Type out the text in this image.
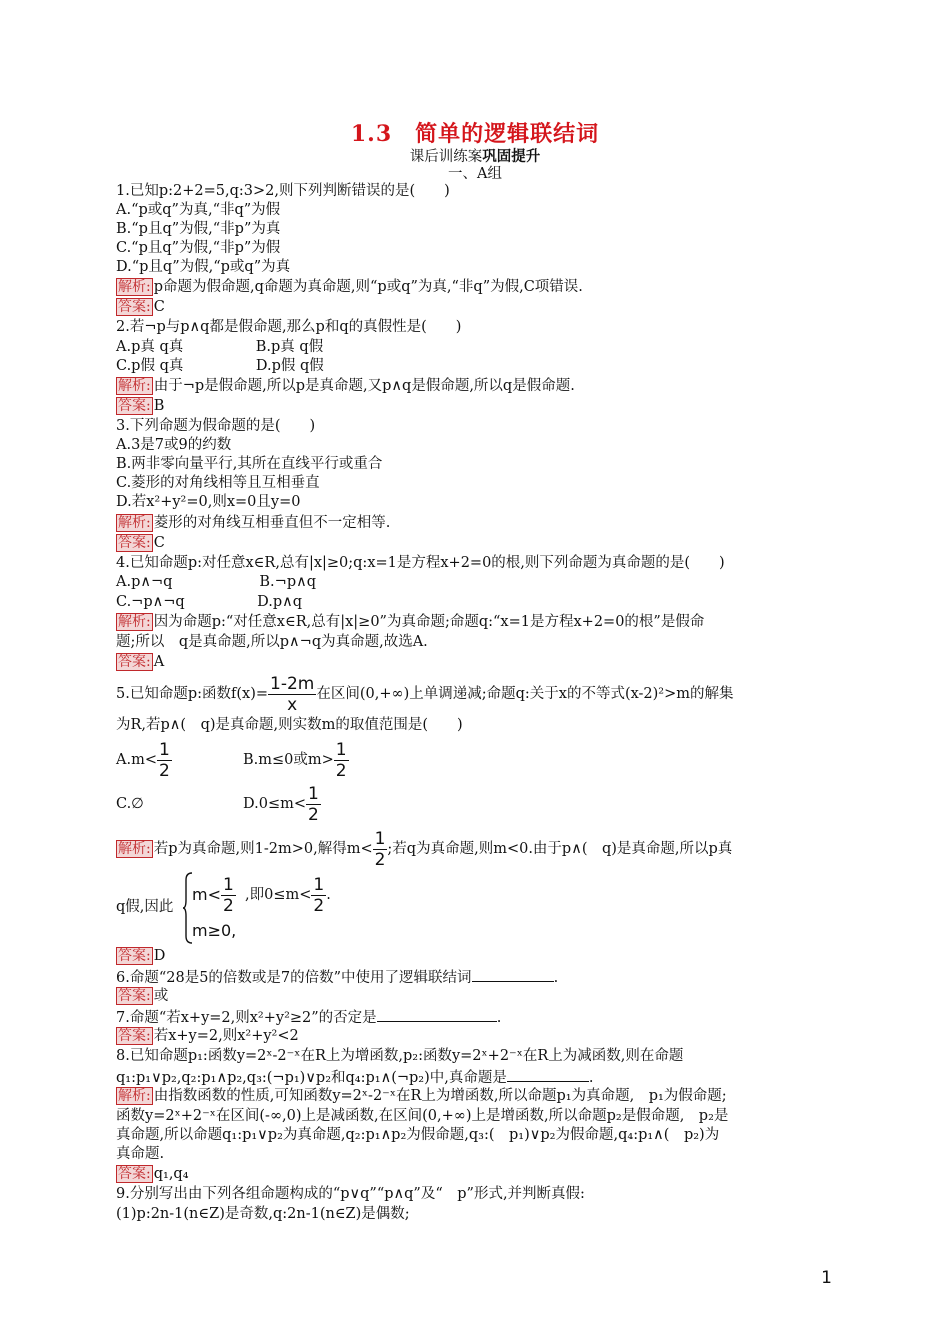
1.3　简单的逻辑联结词
课后训练案巩固提升
一、A组
1.已知p:2+2=5,q:3>2,则下列判断错误的是(　　)
A.“p或q”为真,“非q”为假
B.“p且q”为假,“非p”为真
C.“p且q”为假,“非p”为假
D.“p且q”为假,“p或q”为真
解析: p命题为假命题,q命题为真命题,则“p或q”为真,“非q”为假,C项错误.
答案: C
2.若¬p与p∧q都是假命题,那么p和q的真假性是(　　)
A.p真 q真　　　　　B.p真 q假
C.p假 q真　　　　　D.p假 q假
解析: 由于¬p是假命题,所以p是真命题,又p∧q是假命题,所以q是假命题.
答案: B
3.下列命题为假命题的是(　　)
A.3是7或9的约数
B.两非零向量平行,其所在直线平行或重合
C.菱形的对角线相等且互相垂直
D.若x²+y²=0,则x=0且y=0
解析: 菱形的对角线互相垂直但不一定相等.
答案: C
4.已知命题p:对任意x∈R,总有|x|≥0;q:x=1是方程x+2=0的根,则下列命题为真命题的是(　　)
A.p∧¬q　　　　　　B.¬p∧q
C.¬p∧¬q　　　　　D.p∧q
解析: 因为命题p:“对任意x∈R,总有|x|≥0”为真命题;命题q:“x=1是方程x+2=0的根”是假命
题;所以　q是真命题,所以p∧¬q为真命题,故选A.
答案: A
5.已知命题p:函数$f(x)= \frac{1-2m}{x}$ 在区间(0,+∞)上单调递减;命题q:关于x的不等式(x-2)²>m的解集
为R,若p∧(　q)是真命题,则实数m的取值范围是(　　)
$A.m< \frac{1}{2}$	B.m≤0或$m> \frac{1}{2}$
C.∅	$D.0\le m< \frac{1}{2}$
解析: 若p为真命题,则1-2m>0,解得$m< \frac{1}{2}$ ;若q为真命题,则m<0.由于p∧(　q)是真命题,所以p真
q假,因此
$m< \frac{1}{2}$ ,即$0\le m< \frac{1}{2}$ .
m≥0,
答案: D
6.命题“28是5的倍数或是7的倍数”中使用了逻辑联结词	.
答案: 或
7.命题“若x+y=2,则x²+y²≥2”的否定是	.
答案: 若x+y=2,则x²+y²<2
8.已知命题p₁:函数y=2ˣ-2⁻ˣ在R上为增函数,p₂:函数y=2ˣ+2⁻ˣ在R上为减函数,则在命题
q₁:p₁∨p₂,q₂:p₁∧p₂,q₃:(¬p₁)∨p₂和q₄:p₁∧(¬p₂)中,真命题是	.
解析: 由指数函数的性质,可知函数y=2ˣ-2⁻ˣ在R上为增函数,所以命题p₁为真命题,　p₁为假命题;
函数y=2ˣ+2⁻ˣ在区间(-∞,0)上是减函数,在区间(0,+∞)上是增函数,所以命题p₂是假命题,　p₂是
真命题,所以命题q₁:p₁∨p₂为真命题,q₂:p₁∧p₂为假命题,q₃:(　p₁)∨p₂为假命题,q₄:p₁∧(　p₂)为
真命题.
答案: q₁,q₄
9.分别写出由下列各组命题构成的“p∨q”“p∧q”及“　p”形式,并判断真假:
(1)p:2n-1(n∈Z)是奇数,q:2n-1(n∈Z)是偶数;
1
